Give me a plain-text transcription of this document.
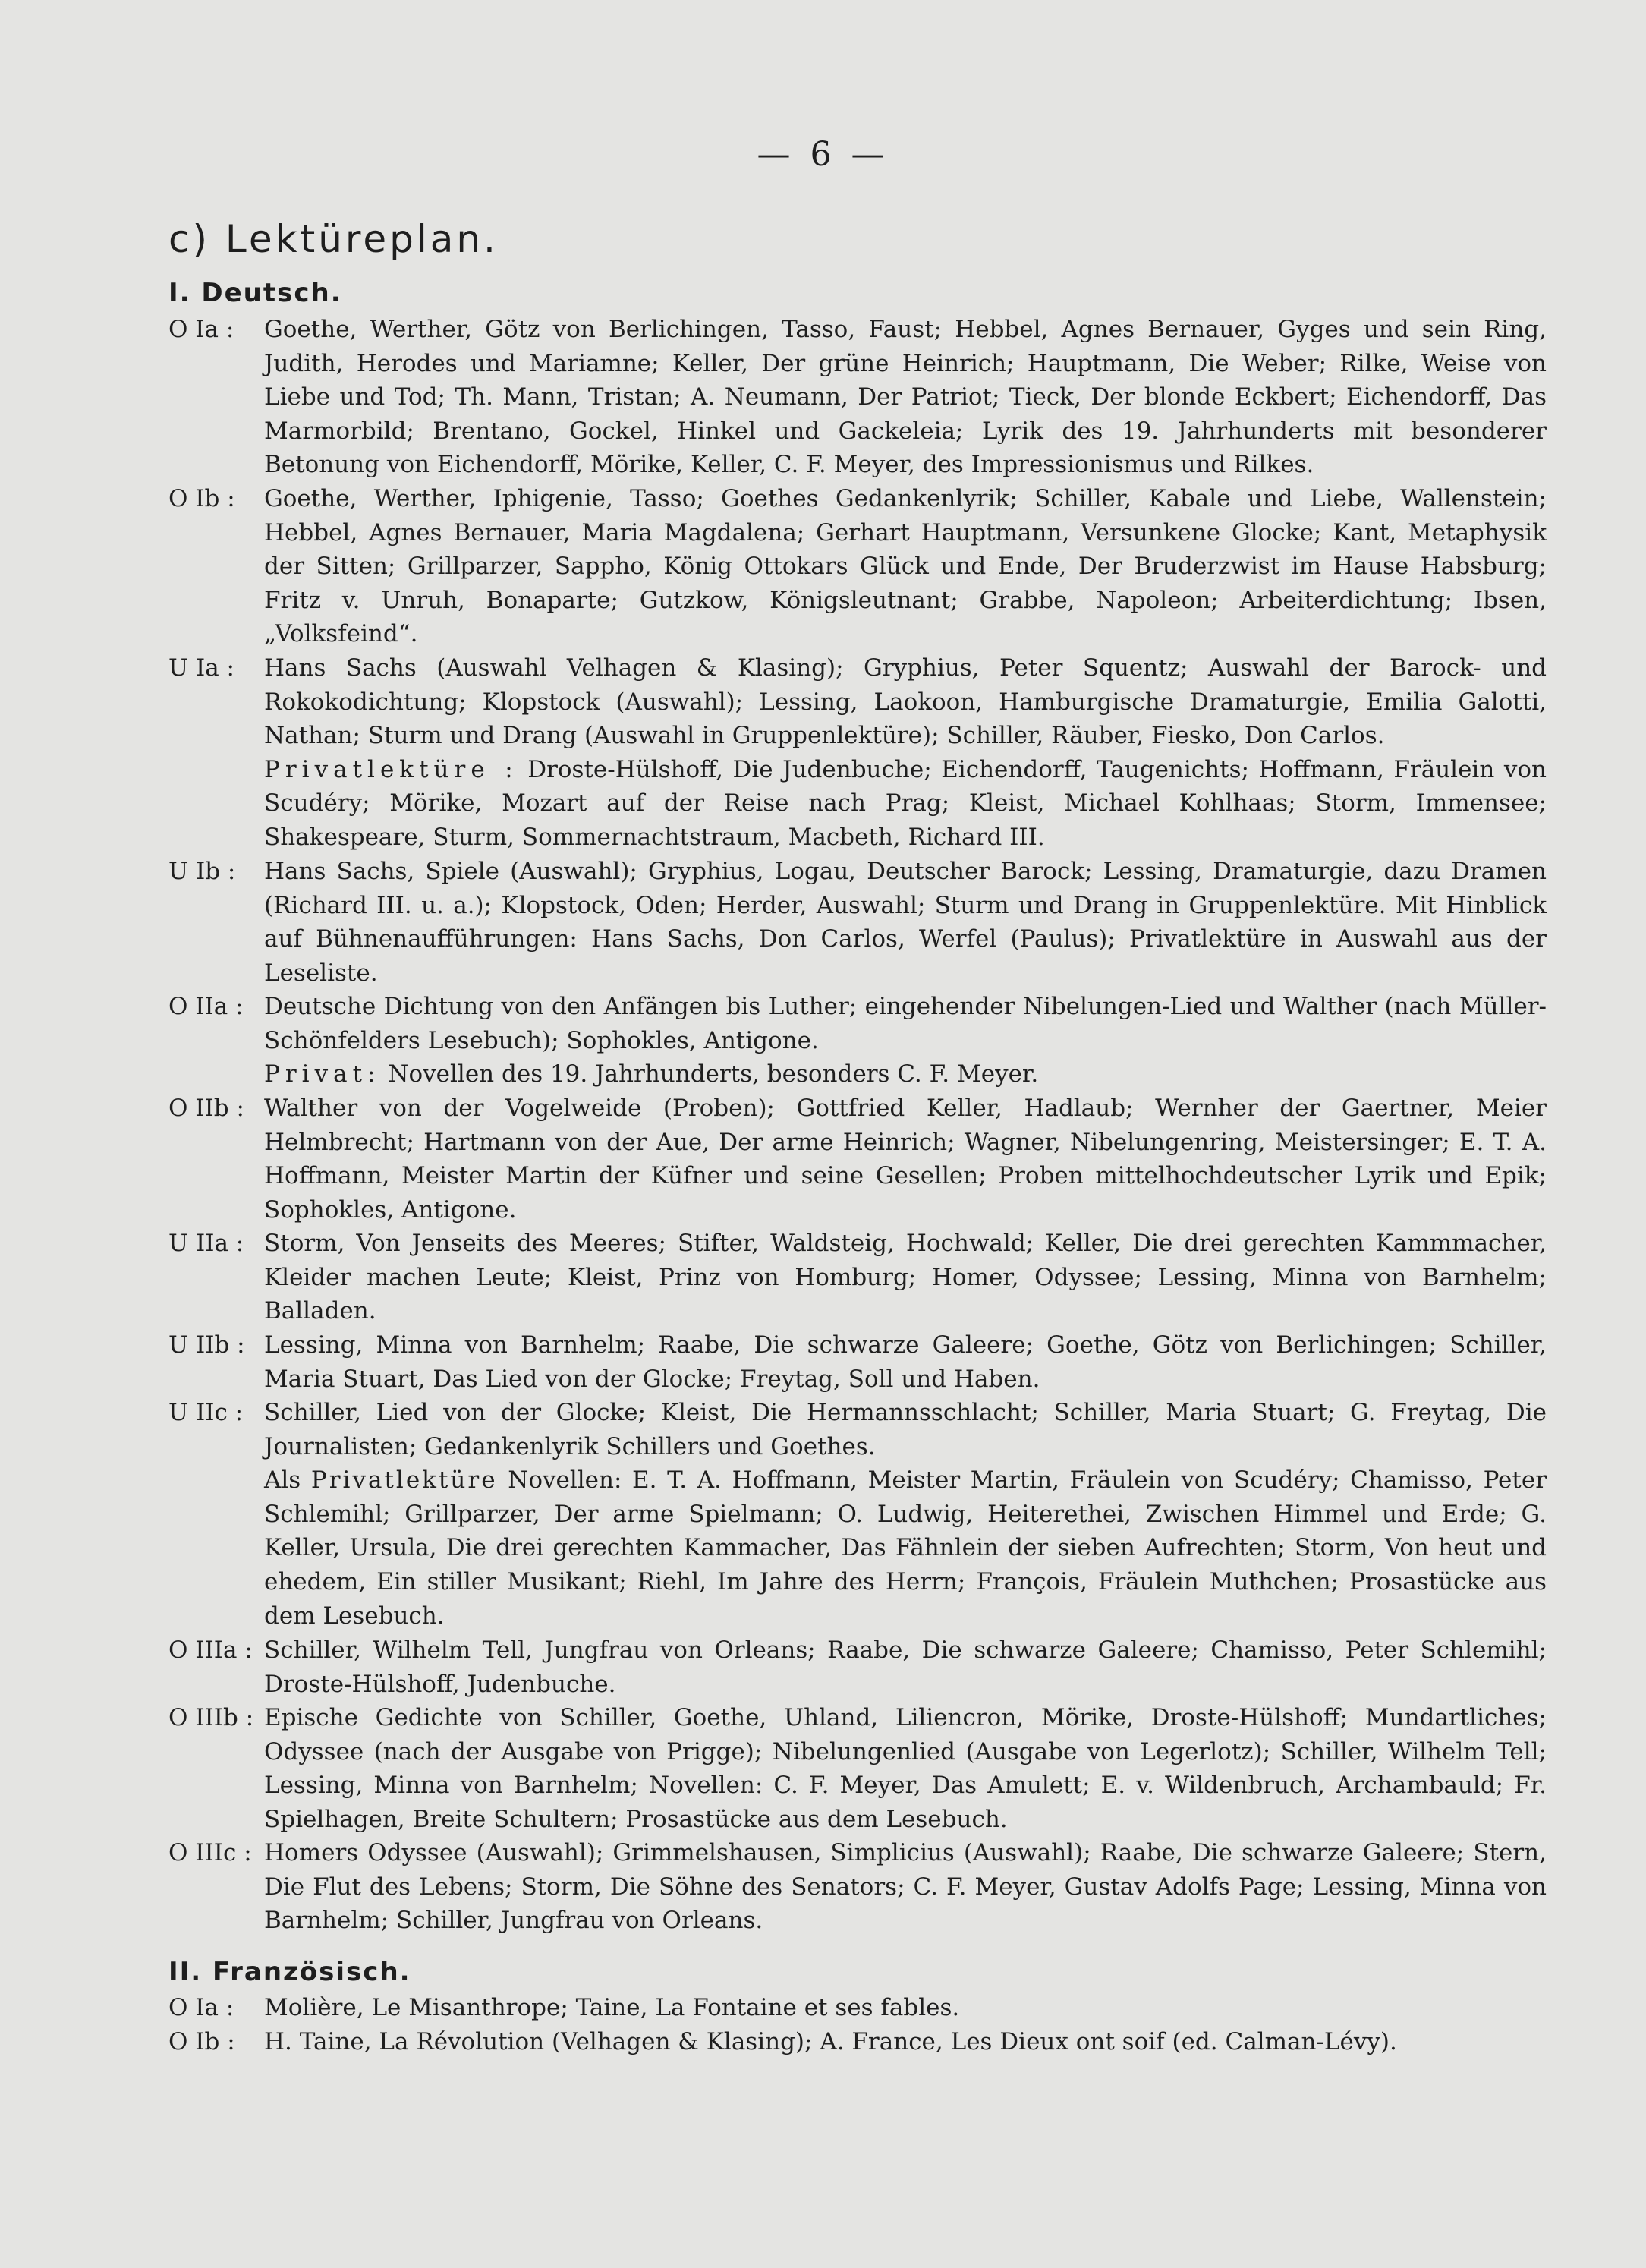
— 6 —
c) Lektüreplan.
I. Deutsch.
O Ia :	Goethe, Werther, Götz von Berlichingen, Tasso, Faust; Hebbel, Agnes Bernauer, Gyges und sein Ring, Judith, Herodes und Mariamne; Keller, Der grüne Heinrich; Hauptmann, Die Weber; Rilke, Weise von Liebe und Tod; Th. Mann, Tristan; A. Neumann, Der Patriot; Tieck, Der blonde Eckbert; Eichendorff, Das Marmorbild; Brentano, Gockel, Hinkel und Gackeleia; Lyrik des 19. Jahrhunderts mit besonderer Betonung von Eichendorff, Mörike, Keller, C. F. Meyer, des Impressionismus und Rilkes.

O Ib :	Goethe, Werther, Iphigenie, Tasso; Goethes Gedankenlyrik; Schiller, Kabale und Liebe, Wallenstein; Hebbel, Agnes Bernauer, Maria Magdalena; Gerhart Hauptmann, Versunkene Glocke; Kant, Metaphysik der Sitten; Grillparzer, Sappho, König Ottokars Glück und Ende, Der Bruderzwist im Hause Habsburg; Fritz v. Unruh, Bonaparte; Gutzkow, Königsleutnant; Grabbe, Napoleon; Arbeiterdichtung; Ibsen, „Volksfeind“.

U Ia :	Hans Sachs (Auswahl Velhagen & Klasing); Gryphius, Peter Squentz; Auswahl der Barock- und Rokokodichtung; Klopstock (Auswahl); Lessing, Laokoon, Hamburgische Dramaturgie, Emilia Galotti, Nathan; Sturm und Drang (Auswahl in Gruppenlektüre); Schiller, Räuber, Fiesko, Don Carlos.

Privatlektüre : Droste-Hülshoff, Die Judenbuche; Eichendorff, Taugenichts; Hoffmann, Fräulein von Scudéry; Mörike, Mozart auf der Reise nach Prag; Kleist, Michael Kohlhaas; Storm, Immensee; Shakespeare, Sturm, Sommernachtstraum, Macbeth, Richard III.

U Ib :	Hans Sachs, Spiele (Auswahl); Gryphius, Logau, Deutscher Barock; Lessing, Dramaturgie, dazu Dramen (Richard III. u. a.); Klopstock, Oden; Herder, Auswahl; Sturm und Drang in Gruppenlektüre. Mit Hinblick auf Bühnenaufführungen: Hans Sachs, Don Carlos, Werfel (Paulus); Privatlektüre in Auswahl aus der Leseliste.

O IIa : Deutsche Dichtung von den Anfängen bis Luther; eingehender Nibelungen-Lied und Walther (nach Müller-Schönfelders Lesebuch); Sophokles, Antigone.

Privat: Novellen des 19. Jahrhunderts, besonders C. F. Meyer.

O IIb : Walther von der Vogelweide (Proben); Gottfried Keller, Hadlaub; Wernher der Gaertner, Meier Helmbrecht; Hartmann von der Aue, Der arme Heinrich; Wagner, Nibelungenring, Meistersinger; E. T. A. Hoffmann, Meister Martin der Küfner und seine Gesellen; Proben mittelhochdeutscher Lyrik und Epik; Sophokles, Antigone.

U IIa : Storm, Von Jenseits des Meeres; Stifter, Waldsteig, Hochwald; Keller, Die drei gerechten Kammmacher, Kleider machen Leute; Kleist, Prinz von Homburg; Homer, Odyssee; Lessing, Minna von Barnhelm; Balladen.

U IIb : Lessing, Minna von Barnhelm; Raabe, Die schwarze Galeere; Goethe, Götz von Berlichingen; Schiller, Maria Stuart, Das Lied von der Glocke; Freytag, Soll und Haben.

U IIc : Schiller, Lied von der Glocke; Kleist, Die Hermannsschlacht; Schiller, Maria Stuart; G. Freytag, Die Journalisten; Gedankenlyrik Schillers und Goethes.

Als Privatlektüre Novellen: E. T. A. Hoffmann, Meister Martin, Fräulein von Scudéry; Chamisso, Peter Schlemihl; Grillparzer, Der arme Spielmann; O. Ludwig, Heiterethei, Zwischen Himmel und Erde; G. Keller, Ursula, Die drei gerechten Kammacher, Das Fähnlein der sieben Aufrechten; Storm, Von heut und ehedem, Ein stiller Musikant; Riehl, Im Jahre des Herrn; François, Fräulein Muthchen; Prosastücke aus dem Lesebuch.

O IIIa : Schiller, Wilhelm Tell, Jungfrau von Orleans; Raabe, Die schwarze Galeere; Chamisso, Peter Schlemihl; Droste-Hülshoff, Judenbuche.

O IIIb : Epische Gedichte von Schiller, Goethe, Uhland, Liliencron, Mörike, Droste-Hülshoff; Mundartliches; Odyssee (nach der Ausgabe von Prigge); Nibelungenlied (Ausgabe von Legerlotz); Schiller, Wilhelm Tell; Lessing, Minna von Barnhelm; Novellen: C. F. Meyer, Das Amulett; E. v. Wildenbruch, Archambauld; Fr. Spielhagen, Breite Schultern; Prosastücke aus dem Lesebuch.

O IIIc : Homers Odyssee (Auswahl); Grimmelshausen, Simplicius (Auswahl); Raabe, Die schwarze Galeere; Stern, Die Flut des Lebens; Storm, Die Söhne des Senators; C. F. Meyer, Gustav Adolfs Page; Lessing, Minna von Barnhelm; Schiller, Jungfrau von Orleans.

II. Französisch.
O Ia :	Molière, Le Misanthrope; Taine, La Fontaine et ses fables.

O Ib :	H. Taine, La Révolution (Velhagen & Klasing); A. France, Les Dieux ont soif (ed. Calman-Lévy).
